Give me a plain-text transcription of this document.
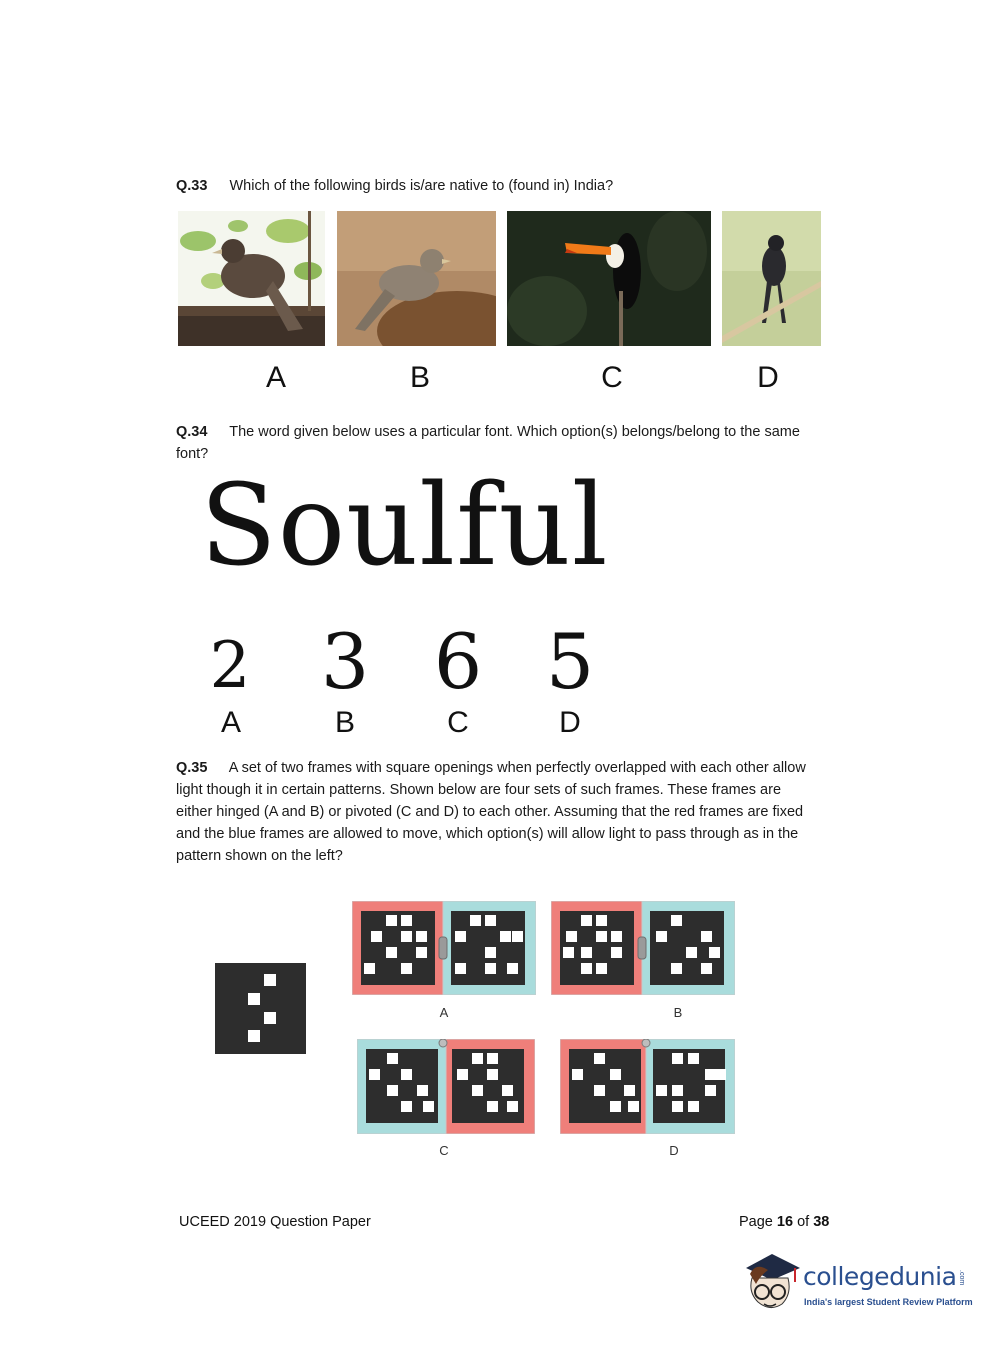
Q.33 Which of the following birds is/are native to (found in) India?
A	B	C	D
Q.34 The word given below uses a particular font. Which option(s) belongs/belong to the same
font?
Soulful
2 3 6 5
A	B	C	D
Q.35 A set of two frames with square openings when perfectly overlapped with each other allow
light though it in certain patterns. Shown below are four sets of such frames. These frames are
either hinged (A and B) or pivoted (C and D) to each other. Assuming that the red frames are fixed
and the blue frames are allowed to move, which option(s) will allow light to pass through as in the
pattern shown on the left?
A	B
C	D
UCEED 2019 Question Paper	Page 16 of 38
collegedunia .com
India's largest Student Review Platform
